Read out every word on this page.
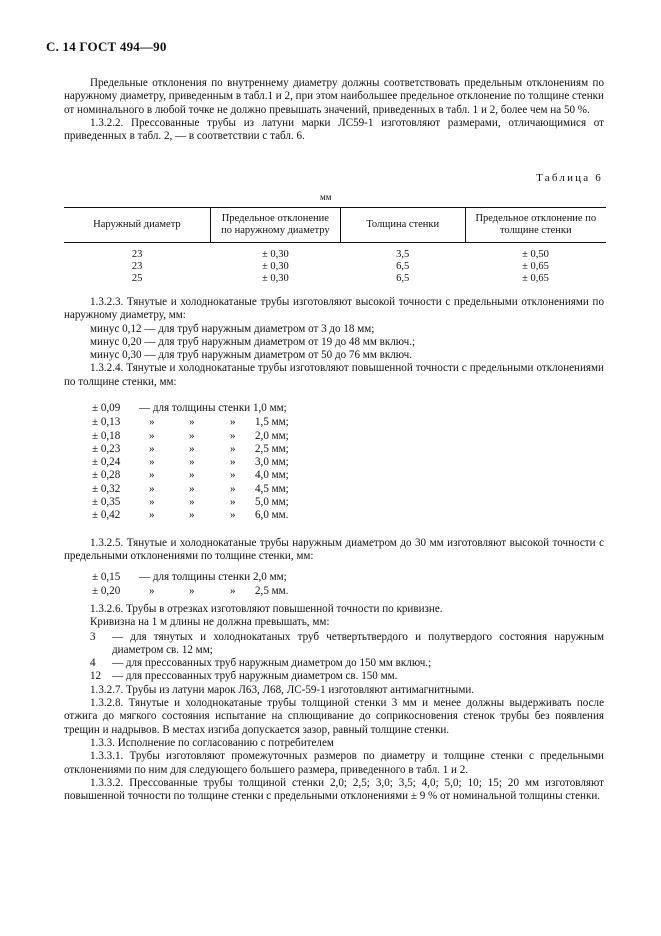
С. 14 ГОСТ 494—90

Предельные отклонения по внутреннему диаметру должны соответствовать предельным отклонениям по наружному диаметру, приведенным в табл.1 и 2, при этом наибольшее предельное отклонение по толщине стенки от номинального в любой точке не должно превышать значений, приведенных в табл. 1 и 2, более чем на 50 %.

1.3.2.2. Прессованные трубы из латуни марки ЛС59-1 изготовляют размерами, отличающимися от приведенных в табл. 2, — в соответствии с табл. 6.

Таблица 6
мм
Наружный диаметр	Предельное отклонение по наружному диаметру	Толщина стенки	Предельное отклонение по толщине стенки
23	± 0,30	3,5	± 0,50
23	± 0,30	6,5	± 0,65
25	± 0,30	6,5	± 0,65

1.3.2.3. Тянутые и холоднокатаные трубы изготовляют высокой точности с предельными отклонениями по наружному диаметру, мм:

минус 0,12 — для труб наружным диаметром от 3 до 18 мм;
минус 0,20 — для труб наружным диаметром от 19 до 48 мм включ.;
минус 0,30 — для труб наружным диаметром от 50 до 76 мм включ.

1.3.2.4. Тянутые и холоднокатаные трубы изготовляют повышенной точности с предельными отклонениями по толщине стенки, мм:

± 0,09 — для толщины стенки 1,0 мм;
± 0,13	»	»	» 1,5 мм;
± 0,18	»	»	» 2,0 мм;
± 0,23	»	»	» 2,5 мм;
± 0,24	»	»	» 3,0 мм;
± 0,28	»	»	» 4,0 мм;
± 0,32	»	»	» 4,5 мм;
± 0,35	»	»	» 5,0 мм;
± 0,42	»	»	» 6,0 мм.

1.3.2.5. Тянутые и холоднокатаные трубы наружным диаметром до 30 мм изготовляют высокой точности с предельными отклонениями по толщине стенки, мм:

± 0,15 — для толщины стенки 2,0 мм;
± 0,20	»	»	» 2,5 мм.

1.3.2.6. Трубы в отрезках изготовляют повышенной точности по кривизне.

Кривизна на 1 м длины не должна превышать, мм:

3 — для тянутых и холоднокатаных труб четвертьтвердого и полутвердого состояния наружным диаметром св. 12 мм;
4 — для прессованных труб наружным диаметром до 150 мм включ.;
12 — для прессованных труб наружным диаметром св. 150 мм.

1.3.2.7. Трубы из латуни марок Л63, Л68, ЛС-59-1 изготовляют антимагнитными.

1.3.2.8. Тянутые и холоднокатаные трубы толщиной стенки 3 мм и менее должны выдерживать после отжига до мягкого состояния испытание на сплющивание до соприкосновения стенок трубы без появления трещин и надрывов. В местах изгиба допускается зазор, равный толщине стенки.

1.3.3. Исполнение по согласованию с потребителем

1.3.3.1. Трубы изготовляют промежуточных размеров по диаметру и толщине стенки с предельными отклонениями по ним для следующего большего размера, приведенного в табл. 1 и 2.

1.3.3.2. Прессованные трубы толщиной стенки 2,0; 2,5; 3,0; 3,5; 4,0; 5,0; 10; 15; 20 мм изготовляют повышенной точности по толщине стенки с предельными отклонениями ± 9 % от номинальной толщины стенки.
